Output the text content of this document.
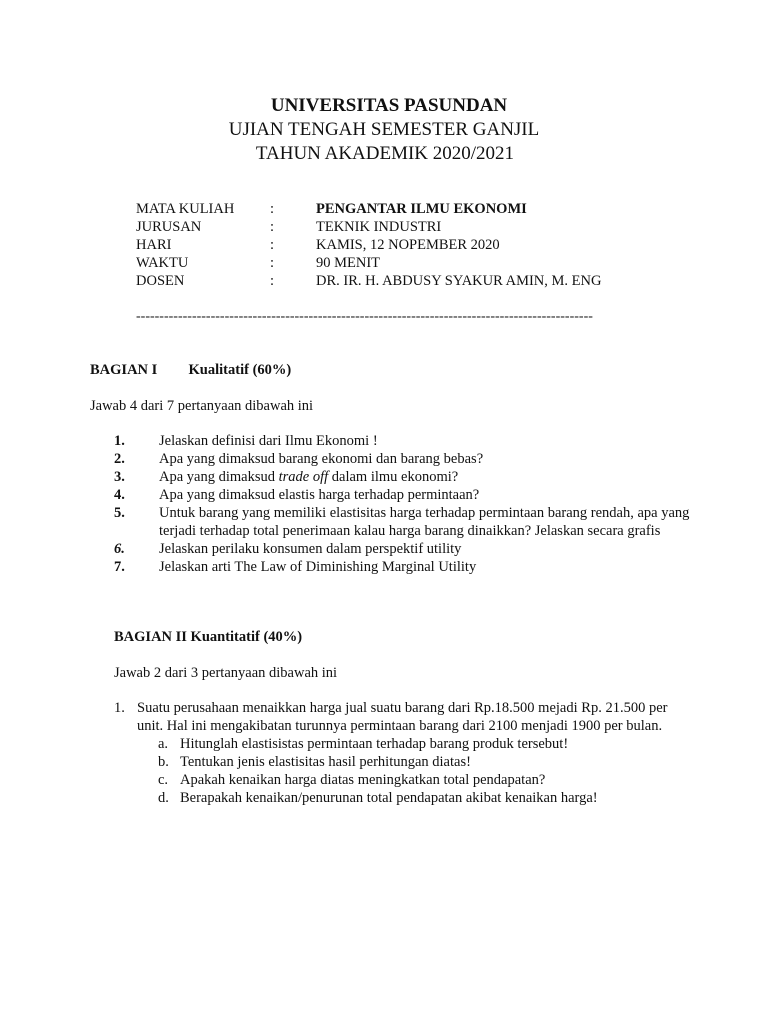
UNIVERSITAS PASUNDAN
UJIAN TENGAH SEMESTER GANJIL
TAHUN AKADEMIK 2020/2021
MATA KULIAH :	PENGANTAR ILMU EKONOMI
JURUSAN	:	TEKNIK INDUSTRI
HARI	:	KAMIS, 12 NOPEMBER 2020
WAKTU	:	90 MENIT
DOSEN	:	DR. IR. H. ABDUSY SYAKUR AMIN, M. ENG
--------------------------------------------------------------------------------------------------
BAGIAN I Kualitatif (60%)
Jawab 4 dari 7 pertanyaan dibawah ini
1. Jelaskan definisi dari Ilmu Ekonomi !
2. Apa yang dimaksud barang ekonomi dan barang bebas?
3. Apa yang dimaksud trade off dalam ilmu ekonomi?
4. Apa yang dimaksud elastis harga terhadap permintaan?
5. Untuk barang yang memiliki elastisitas harga terhadap permintaan barang rendah, apa yang terjadi terhadap total penerimaan kalau harga barang dinaikkan? Jelaskan secara grafis
6. Jelaskan perilaku konsumen dalam perspektif utility
7. Jelaskan arti The Law of Diminishing Marginal Utility
BAGIAN II Kuantitatif (40%)
Jawab 2 dari 3 pertanyaan dibawah ini
1. Suatu perusahaan menaikkan harga jual suatu barang dari Rp.18.500 mejadi Rp. 21.500 per unit. Hal ini mengakibatan turunnya permintaan barang dari 2100 menjadi 1900 per bulan.
a. Hitunglah elastisistas permintaan terhadap barang produk tersebut!
b. Tentukan jenis elastisitas hasil perhitungan diatas!
c. Apakah kenaikan harga diatas meningkatkan total pendapatan?
d. Berapakah kenaikan/penurunan total pendapatan akibat kenaikan harga!
